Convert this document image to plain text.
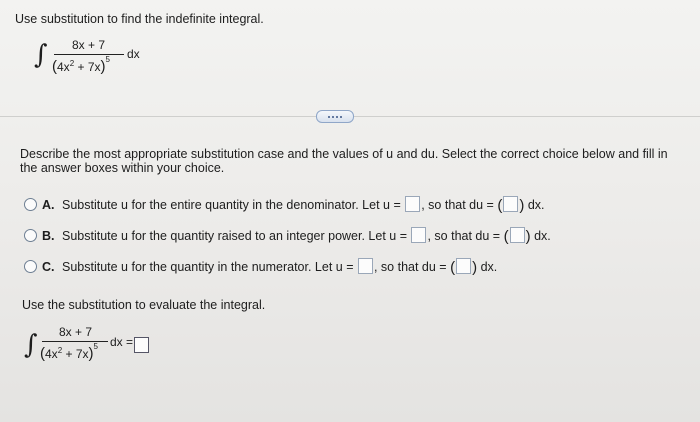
Use substitution to find the indefinite integral.
∫ 8x + 7
$(4x^2 + 7x)^5$ dx
Describe the most appropriate substitution case and the values of u and du. Select the correct choice below and fill in
the answer boxes within your choice.
A. Substitute u for the entire quantity in the denominator. Let u = , so that du = ( ) dx.
B. Substitute u for the quantity raised to an integer power. Let u = , so that du = ( ) dx.
C. Substitute u for the quantity in the numerator. Let u = , so that du = ( ) dx.
Use the substitution to evaluate the integral.
∫ 8x + 7
$(4x^2 + 7x)^5$ dx =
